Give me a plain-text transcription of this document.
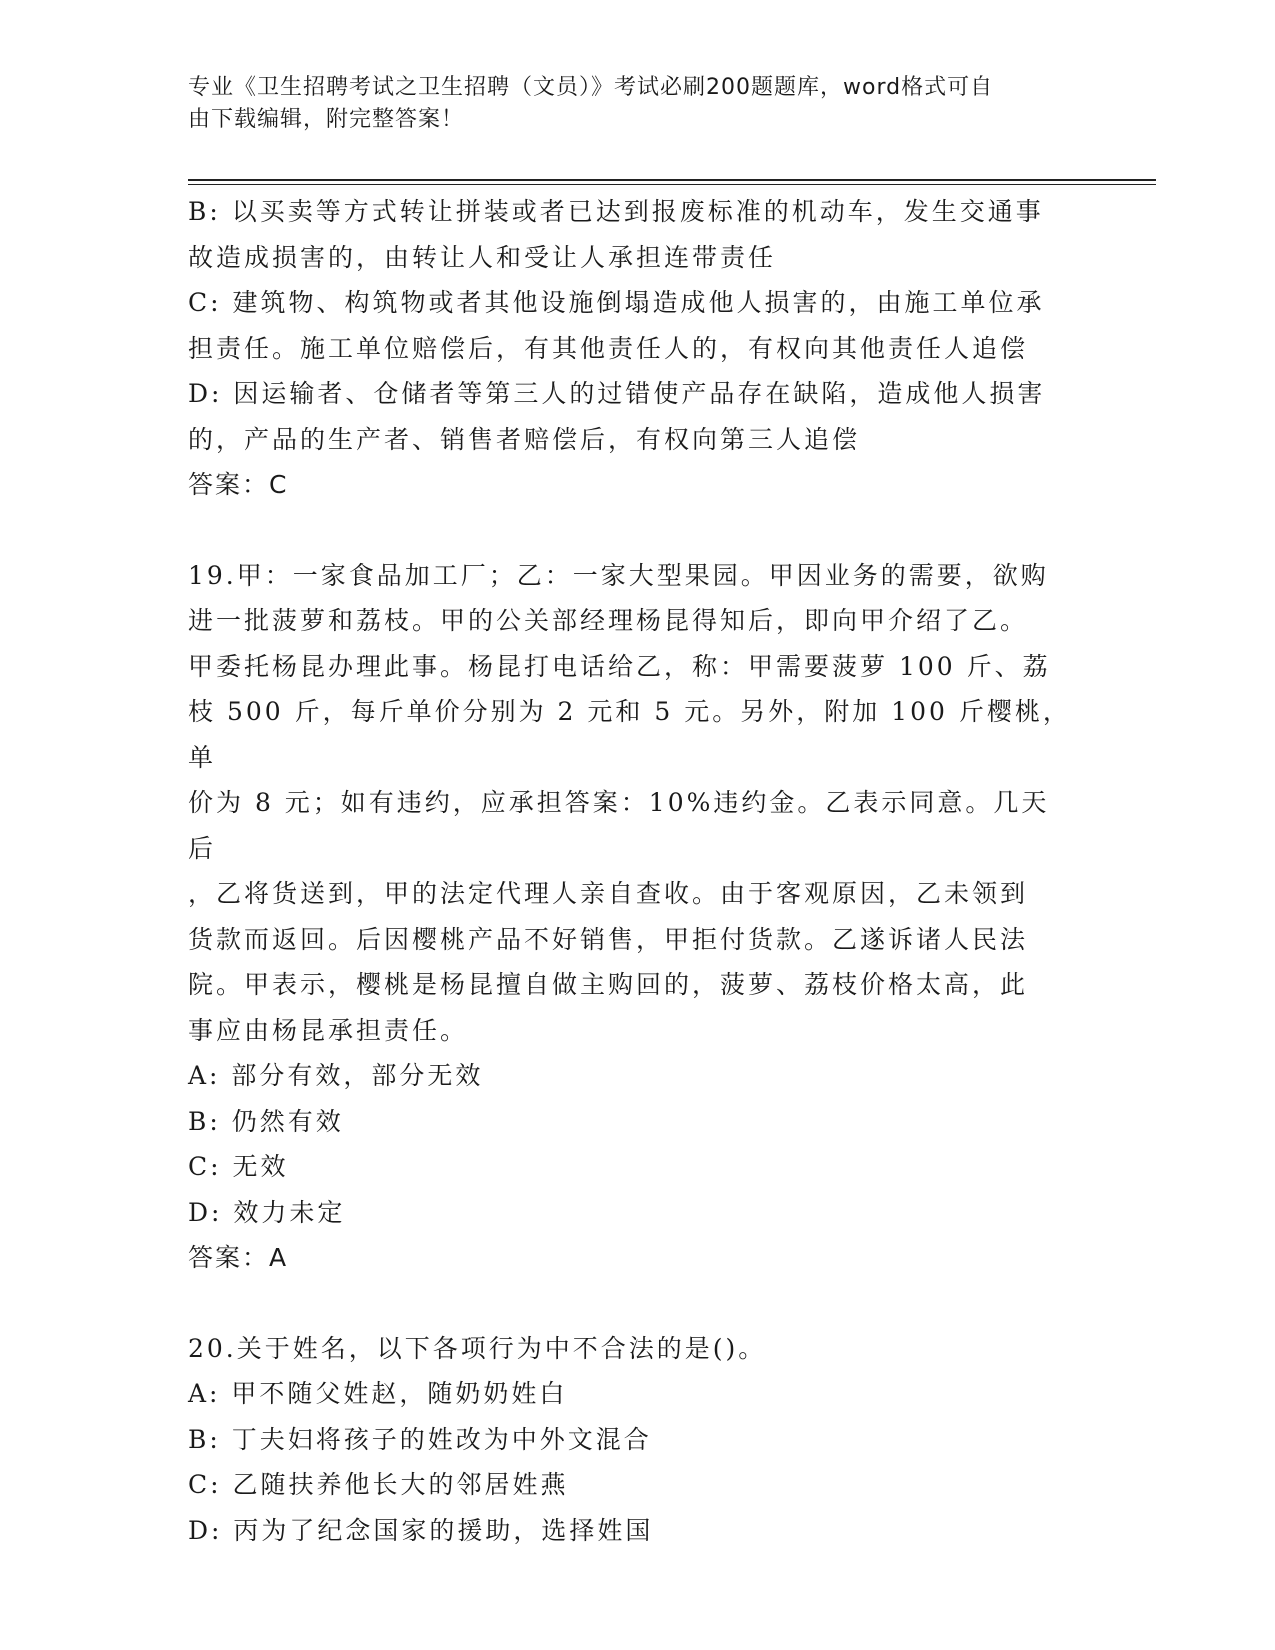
专业《卫生招聘考试之卫生招聘（文员）》考试必刷200题题库，word格式可自
由下载编辑，附完整答案！

B: 以买卖等方式转让拼装或者已达到报废标准的机动车，发生交通事

故造成损害的，由转让人和受让人承担连带责任

C: 建筑物、构筑物或者其他设施倒塌造成他人损害的，由施工单位承

担责任。施工单位赔偿后，有其他责任人的，有权向其他责任人追偿

D: 因运输者、仓储者等第三人的过错使产品存在缺陷，造成他人损害

的，产品的生产者、销售者赔偿后，有权向第三人追偿

答案：C

19.甲：一家食品加工厂；乙：一家大型果园。甲因业务的需要，欲购

进一批菠萝和荔枝。甲的公关部经理杨昆得知后，即向甲介绍了乙。

甲委托杨昆办理此事。杨昆打电话给乙，称：甲需要菠萝 100 斤、荔

枝 500 斤，每斤单价分别为 2 元和 5 元。另外，附加 100 斤樱桃，单

价为 8 元；如有违约，应承担答案：10%违约金。乙表示同意。几天后

，乙将货送到，甲的法定代理人亲自查收。由于客观原因，乙未领到

货款而返回。后因樱桃产品不好销售，甲拒付货款。乙遂诉诸人民法

院。甲表示，樱桃是杨昆擅自做主购回的，菠萝、荔枝价格太高，此

事应由杨昆承担责任。

A: 部分有效，部分无效

B: 仍然有效

C: 无效

D: 效力未定

答案：A

20.关于姓名，以下各项行为中不合法的是()。

A: 甲不随父姓赵，随奶奶姓白

B: 丁夫妇将孩子的姓改为中外文混合

C: 乙随扶养他长大的邻居姓燕

D: 丙为了纪念国家的援助，选择姓国
